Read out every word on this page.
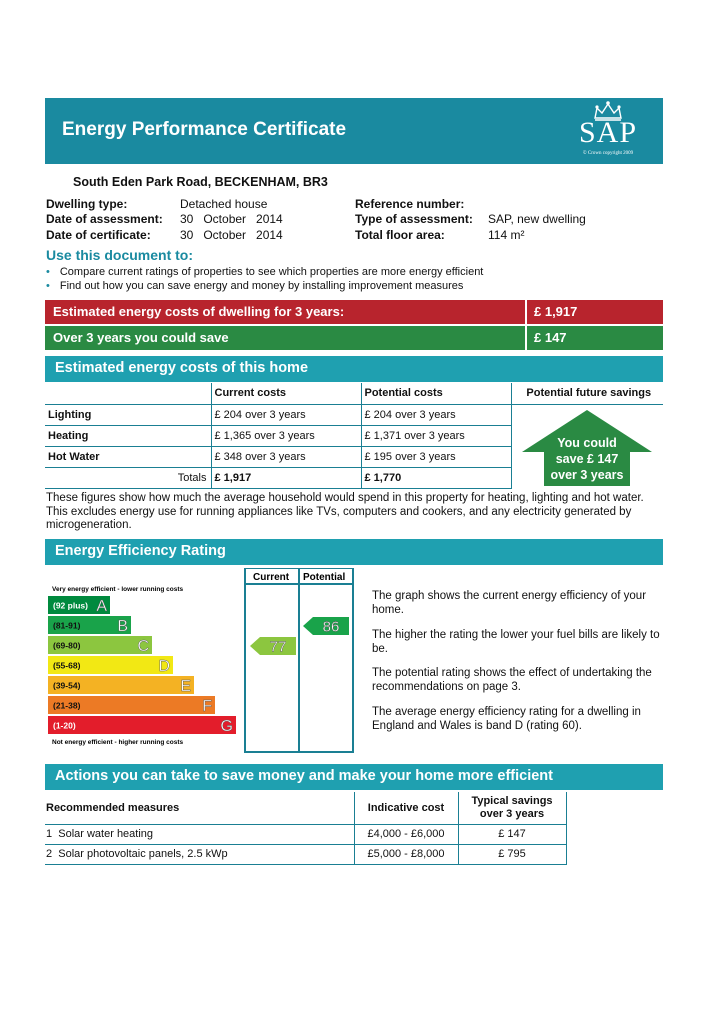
Energy Performance Certificate	SAP
© Crown copyright 2009
South Eden Park Road, BECKENHAM, BR3
Dwelling type:	Detached house
Date of assessment: 30   October   2014
Date of certificate: 30   October   2014
Reference number:
Type of assessment: SAP, new dwelling
Total floor area:	114 m²
Use this document to:
• Compare current ratings of properties to see which properties are more energy efficient
• Find out how you can save energy and money by installing improvement measures
Estimated energy costs of dwelling for 3 years:	£ 1,917
Over 3 years you could save	£ 147
Estimated energy costs of this home
	Current costs	Potential costs	Potential future savings
Lighting	£ 204 over 3 years	£ 204 over 3 years	
Heating	£ 1,365 over 3 years	£ 1,371 over 3 years	
Hot Water	£ 348 over 3 years	£ 195 over 3 years	
Totals	£ 1,917	£ 1,770	
You could
save £ 147
over 3 years
These figures show how much the average household would spend in this property for heating, lighting and hot water. This excludes energy use for running appliances like TVs, computers and cookers, and any electricity generated by microgeneration.
Energy Efficiency Rating
Current Potential
Very energy efficient - lower running costs
Not energy efficient - higher running costs
(92 plus) A
(81-91) B
(69-80)	C
(55-68)	D
(39-54)	E
(21-38)	F
(1-20)	G
77
86
The graph shows the current energy efficiency of your home.
The higher the rating the lower your fuel bills are likely to be.
The potential rating shows the effect of undertaking the recommendations on page 3.
The average energy efficiency rating for a dwelling in England and Wales is band D (rating 60).
Actions you can take to save money and make your home more efficient
Recommended measures	Indicative cost	Typical savings
over 3 years

1 Solar water heating	£4,000 - £6,000	£ 147
2 Solar photovoltaic panels, 2.5 kWp	£5,000 - £8,000	£ 795
